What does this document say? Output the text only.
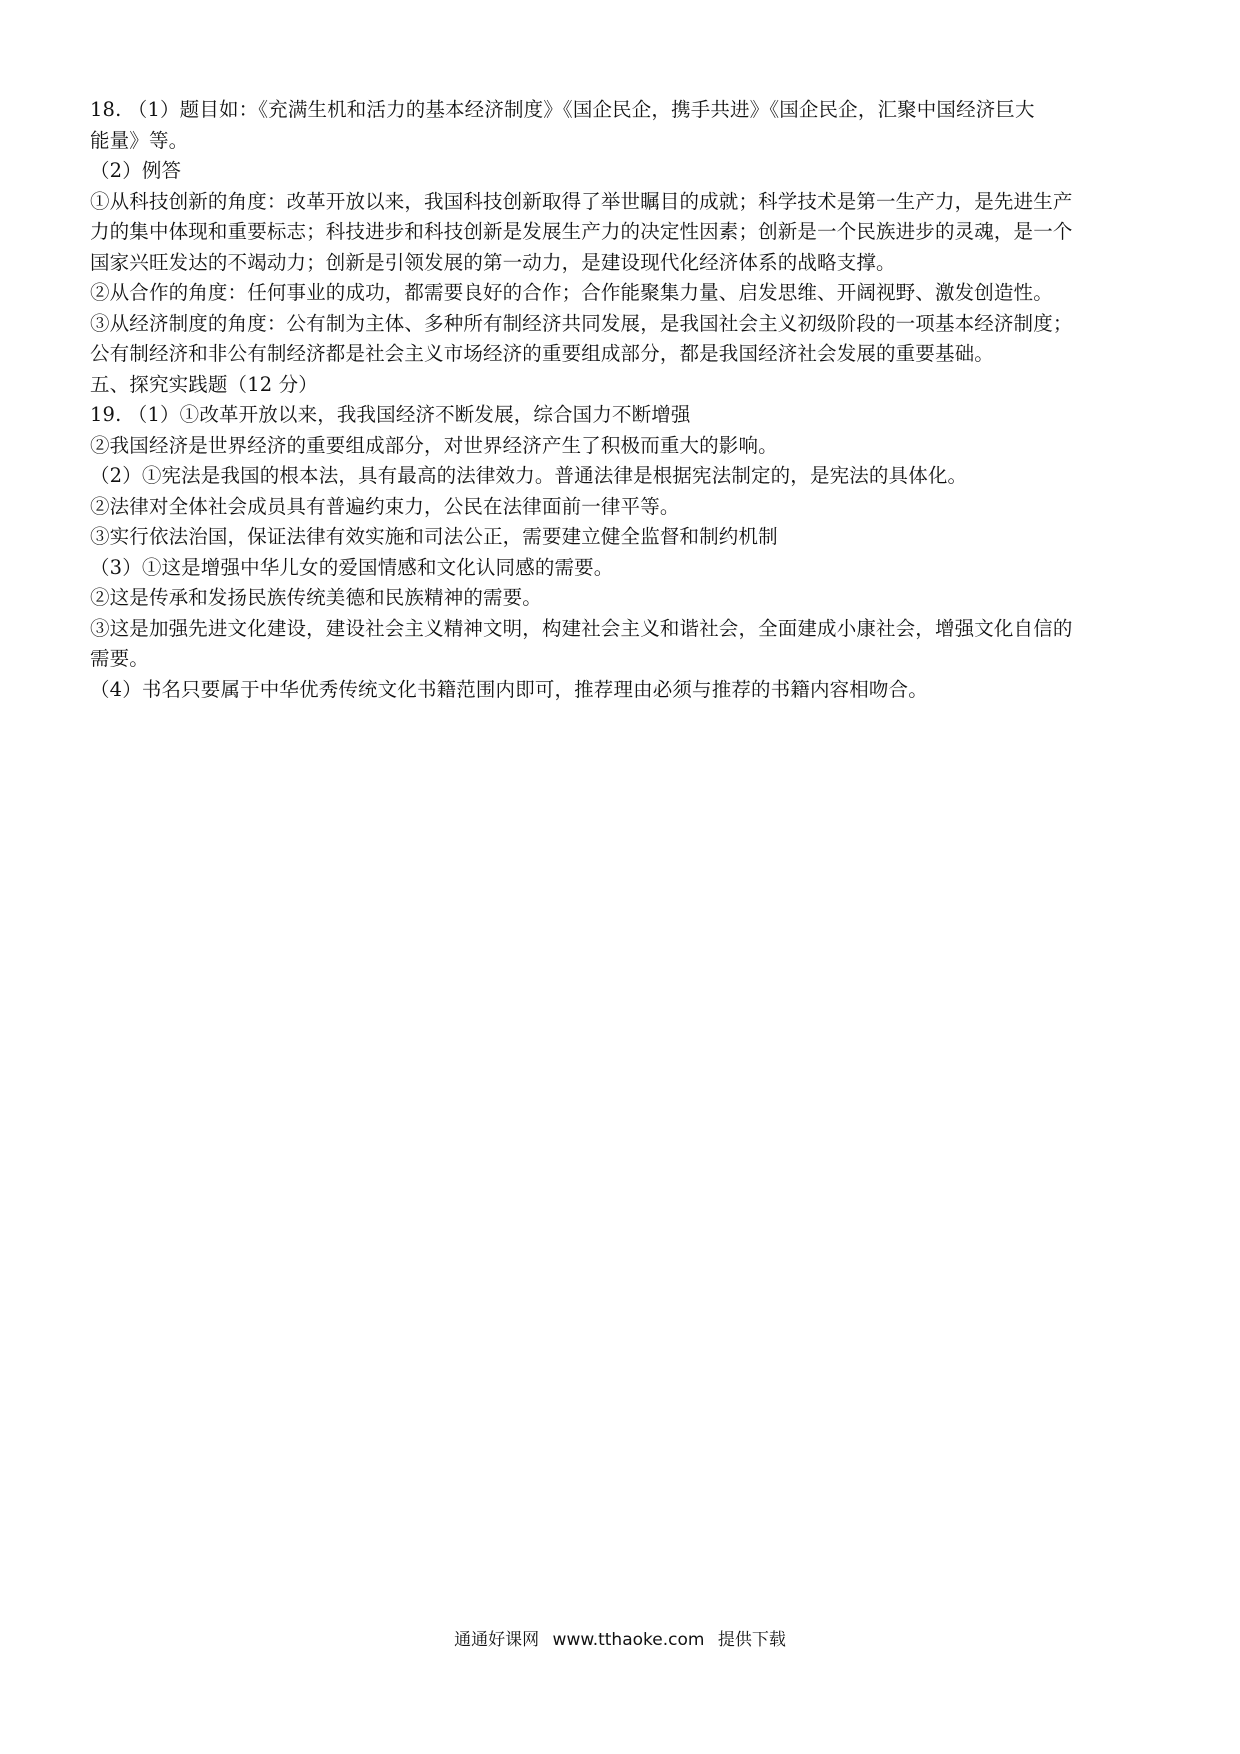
18. （1）题目如：《充满生机和活力的基本经济制度》《国企民企，携手共进》《国企民企，汇聚中国经济巨大
能量》等。
（2）例答
①从科技创新的角度：改革开放以来，我国科技创新取得了举世瞩目的成就；科学技术是第一生产力，是先进生产
力的集中体现和重要标志；科技进步和科技创新是发展生产力的决定性因素；创新是一个民族进步的灵魂，是一个
国家兴旺发达的不竭动力；创新是引领发展的第一动力，是建设现代化经济体系的战略支撑。
②从合作的角度：任何事业的成功，都需要良好的合作；合作能聚集力量、启发思维、开阔视野、激发创造性。
③从经济制度的角度：公有制为主体、多种所有制经济共同发展，是我国社会主义初级阶段的一项基本经济制度；
公有制经济和非公有制经济都是社会主义市场经济的重要组成部分，都是我国经济社会发展的重要基础。
五、探究实践题（12 分）
19. （1）①改革开放以来，我我国经济不断发展，综合国力不断增强
②我国经济是世界经济的重要组成部分，对世界经济产生了积极而重大的影响。
（2）①宪法是我国的根本法，具有最高的法律效力。普通法律是根据宪法制定的，是宪法的具体化。
②法律对全体社会成员具有普遍约束力，公民在法律面前一律平等。
③实行依法治国，保证法律有效实施和司法公正，需要建立健全监督和制约机制
（3）①这是增强中华儿女的爱国情感和文化认同感的需要。
②这是传承和发扬民族传统美德和民族精神的需要。
③这是加强先进文化建设，建设社会主义精神文明，构建社会主义和谐社会，全面建成小康社会，增强文化自信的
需要。
（4）书名只要属于中华优秀传统文化书籍范围内即可，推荐理由必须与推荐的书籍内容相吻合。
通通好课网 www.tthaoke.com 提供下载
